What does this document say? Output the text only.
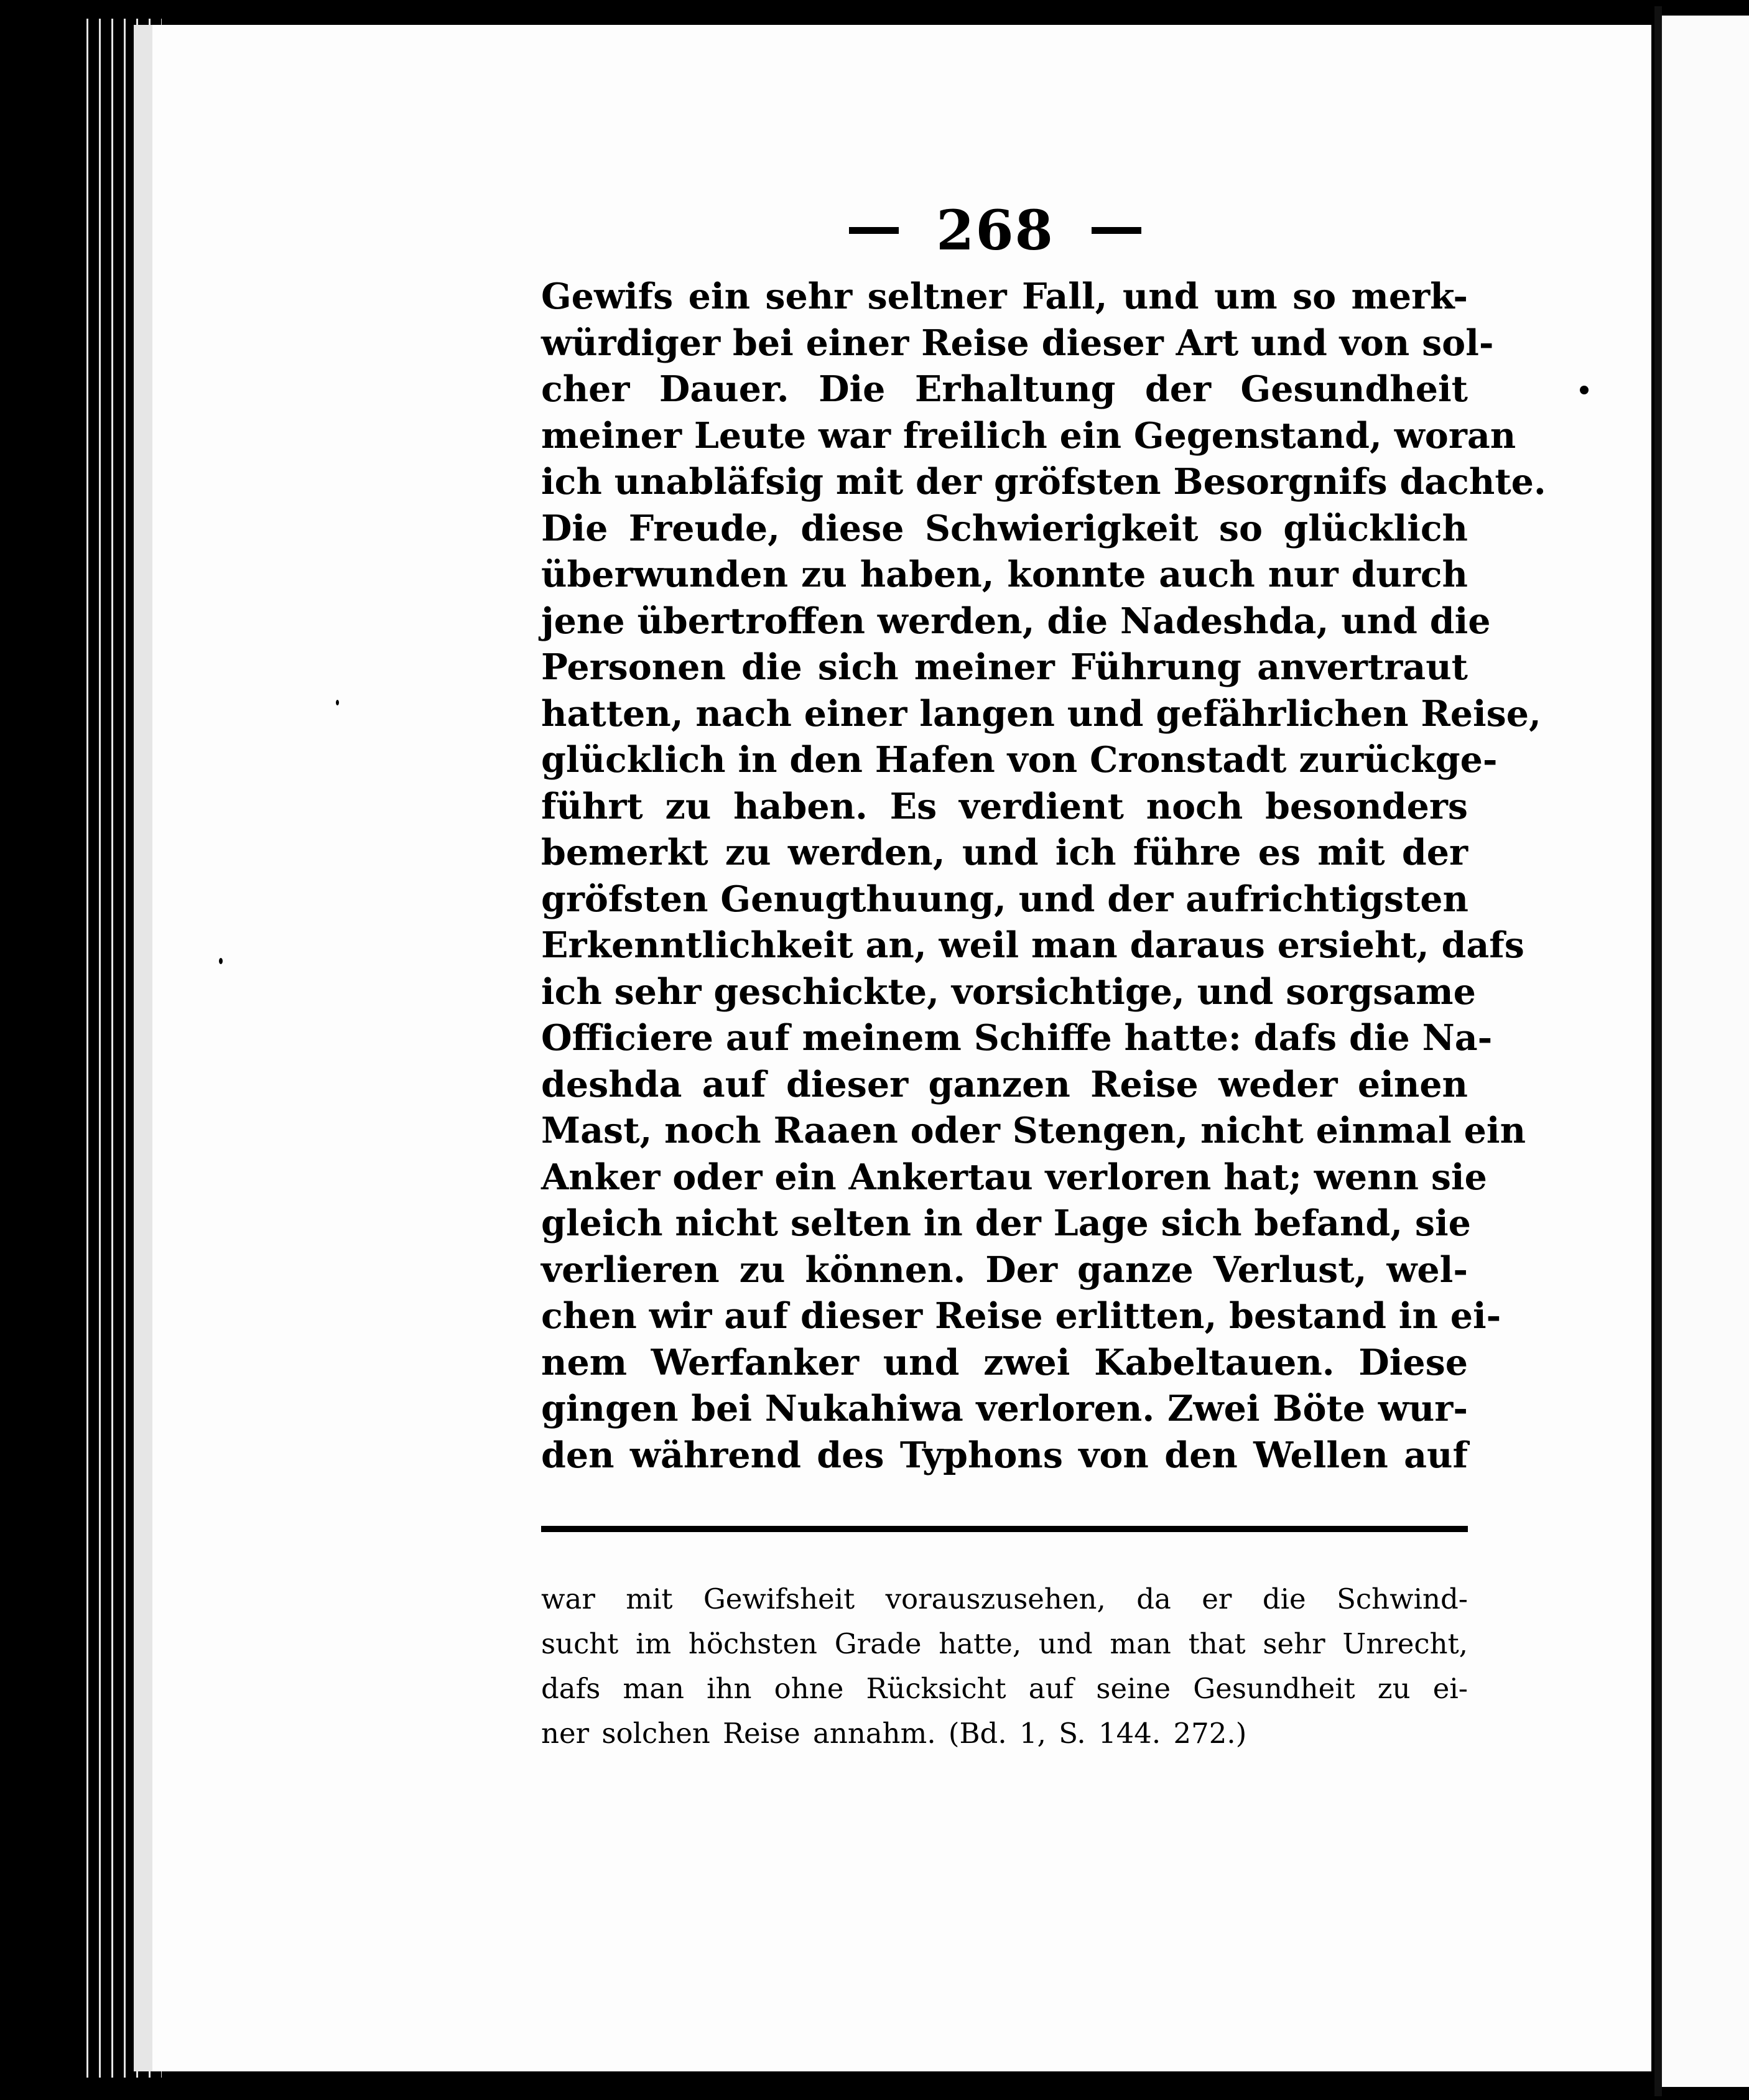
268
Gewifs ein sehr seltner Fall, und um so merk-
würdiger bei einer Reise dieser Art und von sol-
cher Dauer. Die Erhaltung der Gesundheit
meiner Leute war freilich ein Gegenstand, woran
ich unabläfsig mit der gröfsten Besorgnifs dachte.
Die Freude, diese Schwierigkeit so glücklich
überwunden zu haben, konnte auch nur durch
jene übertroffen werden, die Nadeshda, und die
Personen die sich meiner Führung anvertraut
hatten, nach einer langen und gefährlichen Reise,
glücklich in den Hafen von Cronstadt zurückge-
führt zu haben. Es verdient noch besonders
bemerkt zu werden, und ich führe es mit der
gröfsten Genugthuung, und der aufrichtigsten
Erkenntlichkeit an, weil man daraus ersieht, dafs
ich sehr geschickte, vorsichtige, und sorgsame
Officiere auf meinem Schiffe hatte: dafs die Na-
deshda auf dieser ganzen Reise weder einen
Mast, noch Raaen oder Stengen, nicht einmal ein
Anker oder ein Ankertau verloren hat; wenn sie
gleich nicht selten in der Lage sich befand, sie
verlieren zu können. Der ganze Verlust, wel-
chen wir auf dieser Reise erlitten, bestand in ei-
nem Werfanker und zwei Kabeltauen. Diese
gingen bei Nukahiwa verloren. Zwei Böte wur-
den während des Typhons von den Wellen auf
war mit Gewifsheit vorauszusehen, da er die Schwind-
sucht im höchsten Grade hatte, und man that sehr Unrecht,
dafs man ihn ohne Rücksicht auf seine Gesundheit zu ei-
ner solchen Reise annahm. (Bd. 1, S. 144. 272.)
